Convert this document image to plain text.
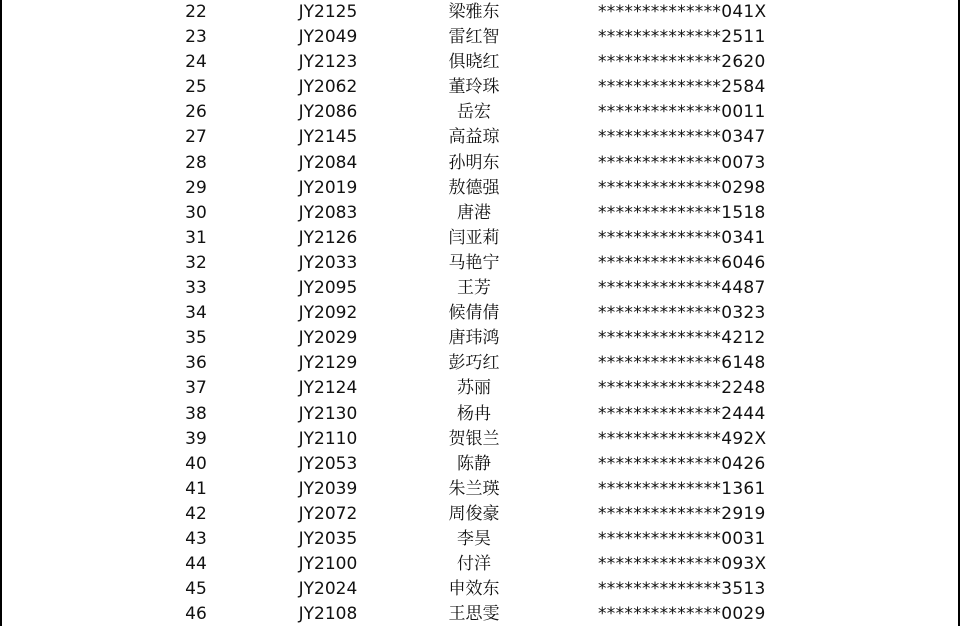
22	JY2125	梁雅东	**************041X
23	JY2049	雷红智	**************2511
24	JY2123	俱晓红	**************2620
25	JY2062	董玲珠	**************2584
26	JY2086	岳宏	**************0011
27	JY2145	高益琼	**************0347
28	JY2084	孙明东	**************0073
29	JY2019	敖德强	**************0298
30	JY2083	唐港	**************1518
31	JY2126	闫亚莉	**************0341
32	JY2033	马艳宁	**************6046
33	JY2095	王芳	**************4487
34	JY2092	候倩倩	**************0323
35	JY2029	唐玮鸿	**************4212
36	JY2129	彭巧红	**************6148
37	JY2124	苏丽	**************2248
38	JY2130	杨冉	**************2444
39	JY2110	贺银兰	**************492X
40	JY2053	陈静	**************0426
41	JY2039	朱兰瑛	**************1361
42	JY2072	周俊豪	**************2919
43	JY2035	李昊	**************0031
44	JY2100	付洋	**************093X
45	JY2024	申效东	**************3513
46	JY2108	王思雯	**************0029
